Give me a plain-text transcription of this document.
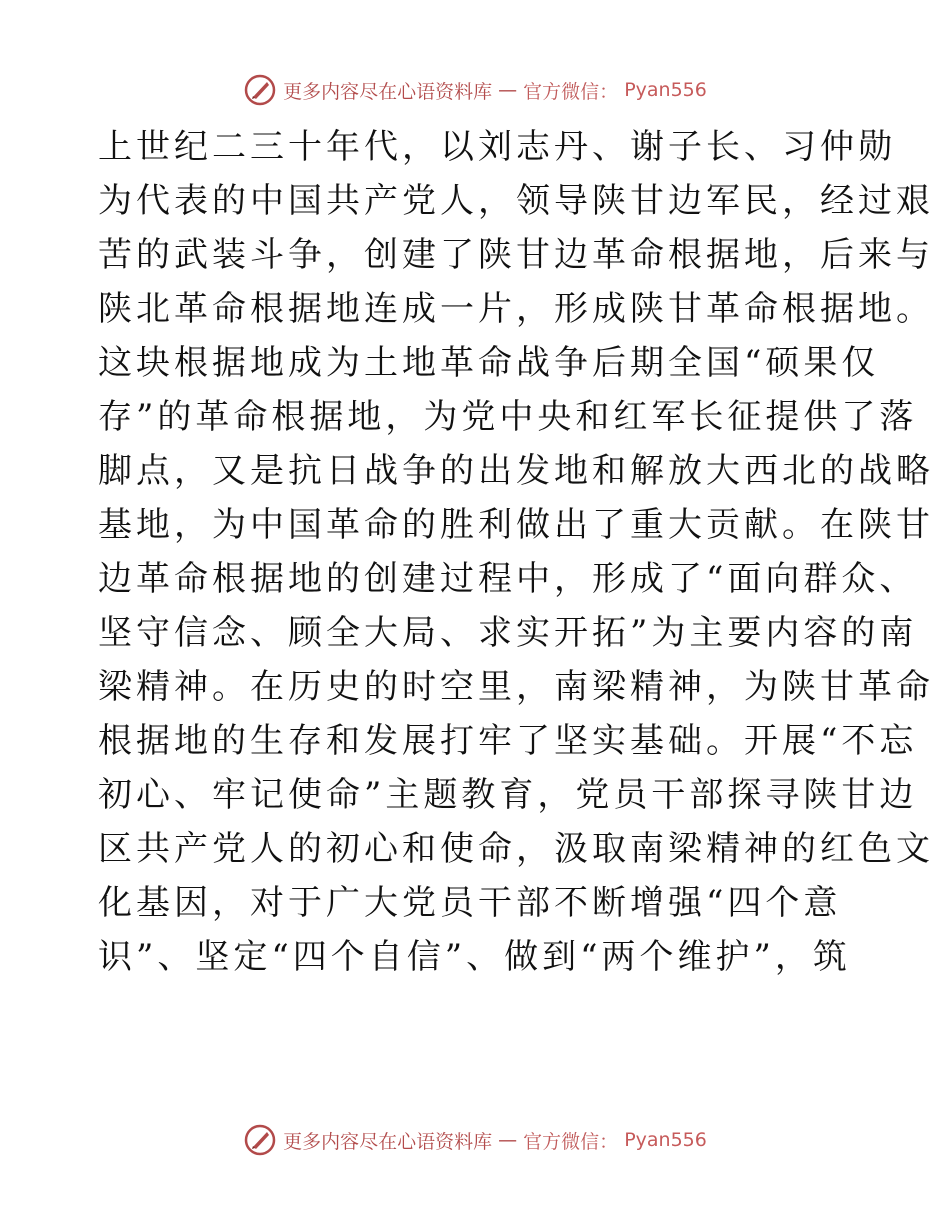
更多内容尽在心语资料库 — 官方微信： Pyan556
上世纪二三十年代，以刘志丹、谢子长、习仲勋
为代表的中国共产党人，领导陕甘边军民，经过艰
苦的武装斗争，创建了陕甘边革命根据地，后来与
陕北革命根据地连成一片，形成陕甘革命根据地。
这块根据地成为土地革命战争后期全国“硕果仅
存”的革命根据地，为党中央和红军长征提供了落
脚点，又是抗日战争的出发地和解放大西北的战略
基地，为中国革命的胜利做出了重大贡献。在陕甘
边革命根据地的创建过程中，形成了“面向群众、
坚守信念、顾全大局、求实开拓”为主要内容的南
梁精神。在历史的时空里，南梁精神，为陕甘革命
根据地的生存和发展打牢了坚实基础。开展“不忘
初心、牢记使命”主题教育，党员干部探寻陕甘边
区共产党人的初心和使命，汲取南梁精神的红色文
化基因，对于广大党员干部不断增强“四个意
识”、坚定“四个自信”、做到“两个维护”，筑
更多内容尽在心语资料库 — 官方微信： Pyan556
